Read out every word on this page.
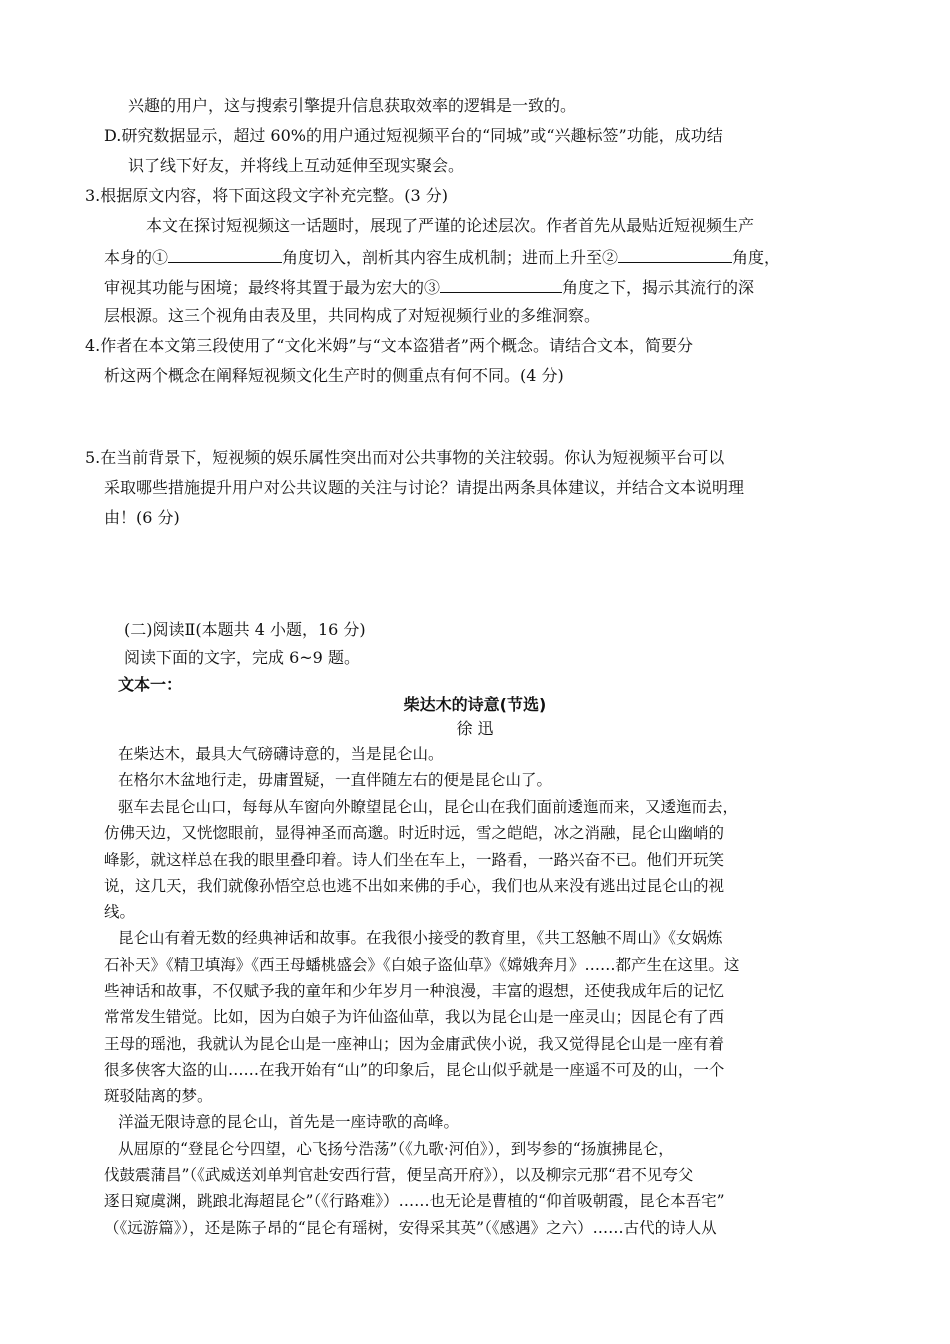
兴趣的用户，这与搜索引擎提升信息获取效率的逻辑是一致的。
D.研究数据显示，超过 60%的用户通过短视频平台的“同城”或“兴趣标签”功能，成功结
识了线下好友，并将线上互动延伸至现实聚会。
3.根据原文内容，将下面这段文字补充完整。(3 分)
本文在探讨短视频这一话题时，展现了严谨的论述层次。作者首先从最贴近短视频生产
本身的①	角度切入，剖析其内容生成机制；进而上升至②	角度，
审视其功能与困境；最终将其置于最为宏大的③	角度之下，揭示其流行的深
层根源。这三个视角由表及里，共同构成了对短视频行业的多维洞察。
4.作者在本文第三段使用了“文化米姆”与“文本盗猎者”两个概念。请结合文本，简要分
析这两个概念在阐释短视频文化生产时的侧重点有何不同。(4 分)
5.在当前背景下，短视频的娱乐属性突出而对公共事物的关注较弱。你认为短视频平台可以
采取哪些措施提升用户对公共议题的关注与讨论？请提出两条具体建议，并结合文本说明理
由！(6 分)
(二)阅读Ⅱ(本题共 4 小题，16 分)
阅读下面的文字，完成 6~9 题。
文本一：
柴达木的诗意(节选)
徐 迅
在柴达木，最具大气磅礴诗意的，当是昆仑山。
在格尔木盆地行走，毋庸置疑，一直伴随左右的便是昆仑山了。
驱车去昆仑山口，每每从车窗向外瞭望昆仑山，昆仑山在我们面前逶迤而来，又逶迤而去，
仿佛天边，又恍惚眼前，显得神圣而高邈。时近时远，雪之皑皑，冰之消融，昆仑山幽峭的
峰影，就这样总在我的眼里叠印着。诗人们坐在车上，一路看，一路兴奋不已。他们开玩笑
说，这几天，我们就像孙悟空总也逃不出如来佛的手心，我们也从来没有逃出过昆仑山的视
线。
昆仑山有着无数的经典神话和故事。在我很小接受的教育里，《共工怒触不周山》《女娲炼
石补天》《精卫填海》《西王母蟠桃盛会》《白娘子盗仙草》《嫦娥奔月》……都产生在这里。这
些神话和故事，不仅赋予我的童年和少年岁月一种浪漫，丰富的遐想，还使我成年后的记忆
常常发生错觉。比如，因为白娘子为许仙盗仙草，我以为昆仑山是一座灵山；因昆仑有了西
王母的瑶池，我就认为昆仑山是一座神山；因为金庸武侠小说，我又觉得昆仑山是一座有着
很多侠客大盗的山……在我开始有“山”的印象后，昆仑山似乎就是一座遥不可及的山，一个
斑驳陆离的梦。
洋溢无限诗意的昆仑山，首先是一座诗歌的高峰。
从屈原的“登昆仑兮四望，心飞扬兮浩荡”（《九歌·河伯》），到岑参的“扬旗拂昆仑，
伐鼓震蒲昌”（《武威送刘单判官赴安西行营，便呈高开府》），以及柳宗元那“君不见夸父
逐日窥虞渊，跳踉北海超昆仑”（《行路难》）……也无论是曹植的“仰首吸朝霞，昆仑本吾宅”
（《远游篇》），还是陈子昂的“昆仑有瑶树，安得采其英”（《感遇》之六）……古代的诗人从
